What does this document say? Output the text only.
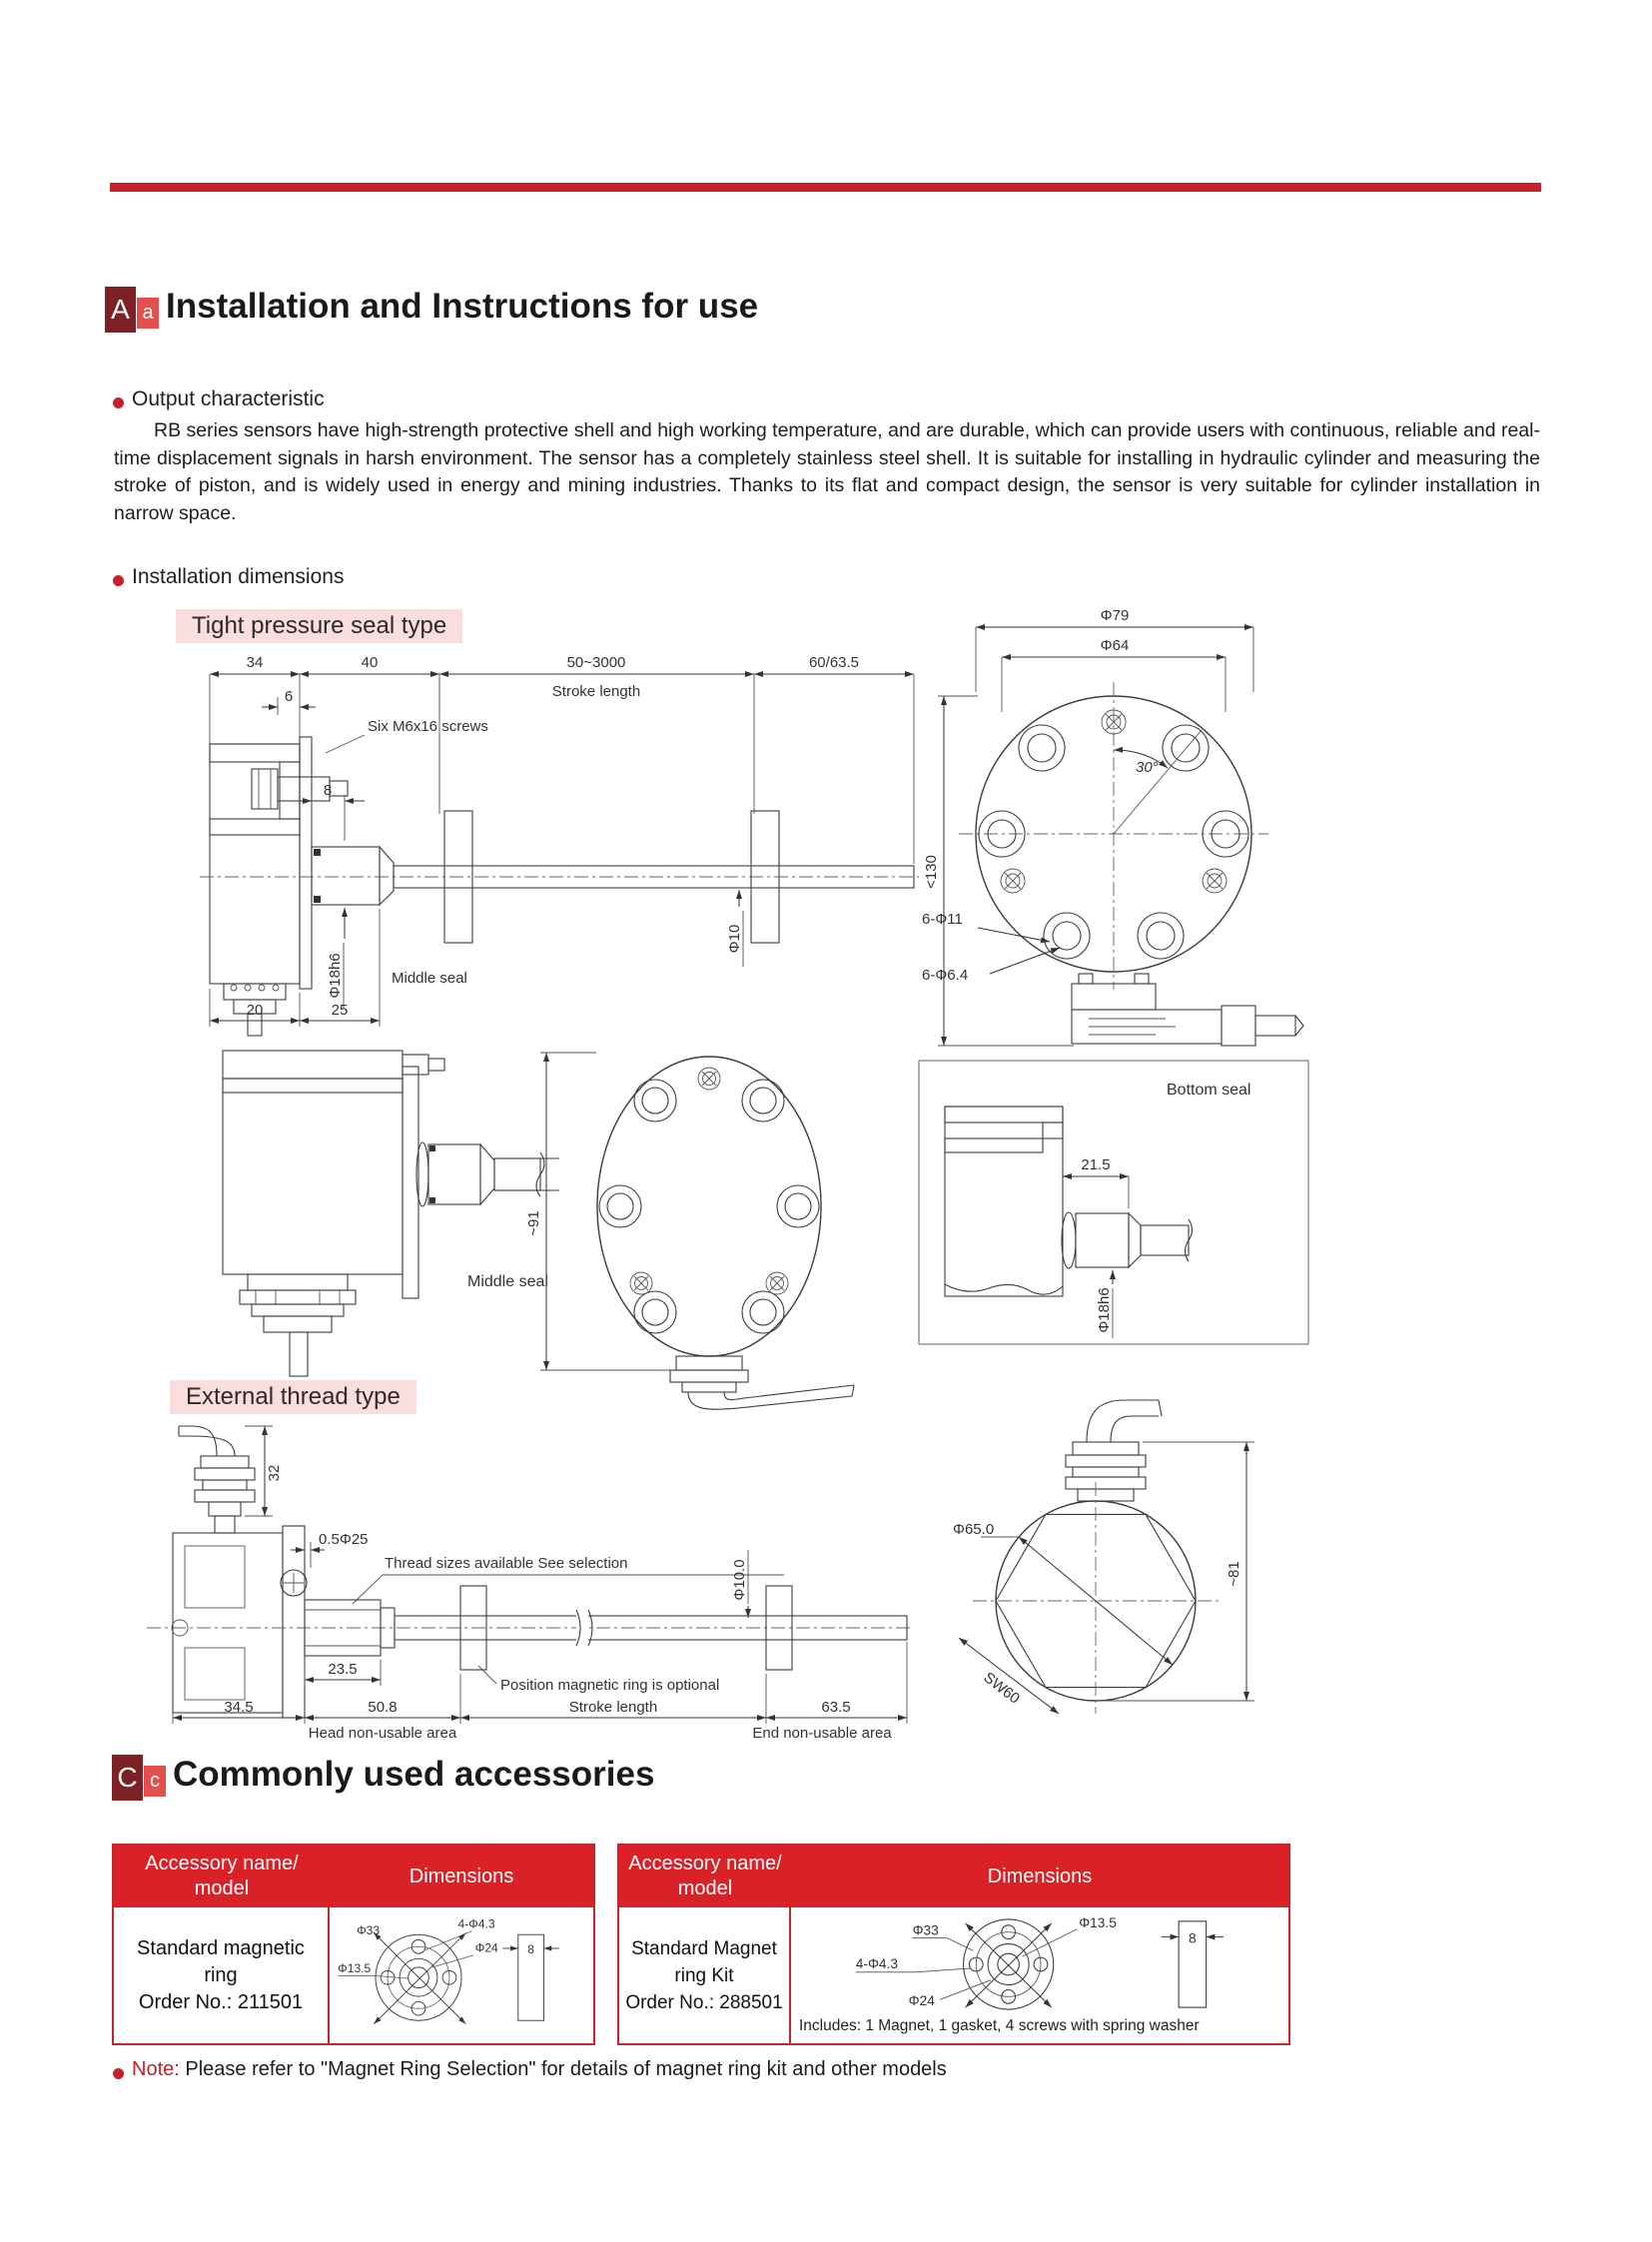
A a Installation and Instructions for use
Output characteristic
RB series sensors have high-strength protective shell and high working temperature, and are durable, which can provide users with continuous, reliable and real-time displacement signals in harsh environment. The sensor has a completely stainless steel shell. It is suitable for installing in hydraulic cylinder and measuring the stroke of piston, and is widely used in energy and mining industries. Thanks to its flat and compact design, the sensor is very suitable for cylinder installation in narrow space.
Installation dimensions
Tight pressure seal type
34	40	50~3000
Stroke length
60/63.5
6
Six M6x16 screws
8
Φ10
Φ18h6	Middle seal
20	25
Φ79
Φ64
30°
<130
6-Φ11
6-Φ6.4
Middle seal
~91
Bottom seal
21.5
Φ18h6
External thread type
32
0.5Φ25
Thread sizes available See selection	Φ10.0
23.5
Position magnetic ring is optional
34.5	50.8	Stroke length	63.5
Head non-usable area	End non-usable area
Φ65.0
SW60
~81
C c Commonly used accessories
Accessory name/
model
Dimensions
Standard magnetic
ring
Order No.: 211501
Φ33	4-Φ4.3
Φ24
Φ13.5
8
Accessory name/
model
Dimensions
Standard Magnet
ring Kit
Order No.: 288501
Φ13.5
Φ33
4-Φ4.3
Φ24
8
Includes: 1 Magnet, 1 gasket, 4 screws with spring washer
Note: Please refer to "Magnet Ring Selection" for details of magnet ring kit and other models
